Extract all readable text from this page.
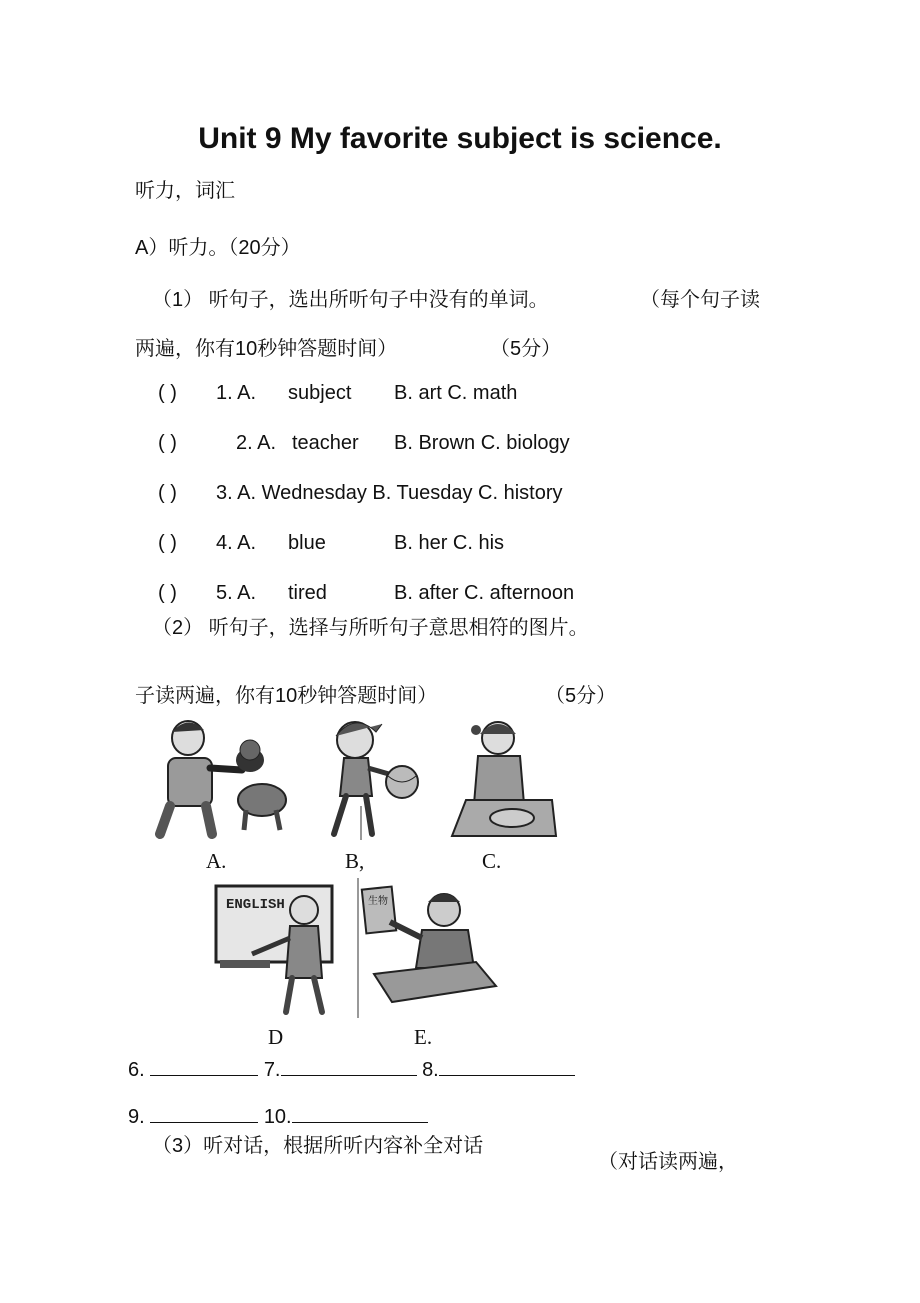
Unit 9 My favorite subject is science.
听力，词汇
A）听力。（20分）
（1） 听句子，选出所听句子中没有的单词。	（每个句子读
两遍，你有10秒钟答题时间）	（5分）
( ) 1. A. subject B. art C. math
( )	2. A. teacher B. Brown C. biology
( ) 3. A. Wednesday B. Tuesday C. history
( ) 4. A. blue	B. her C. his
( ) 5. A. tired	B. after C. afternoon
（2） 听句子，选择与所听句子意思相符的图片。
子读两遍，你有10秒钟答题时间）	（5分）
A.	B,	C.
ENGLISH	生物
D	E.
6.	7.	8.
9.	10.
（3）听对话，根据所听内容补全对话
（对话读两遍，
